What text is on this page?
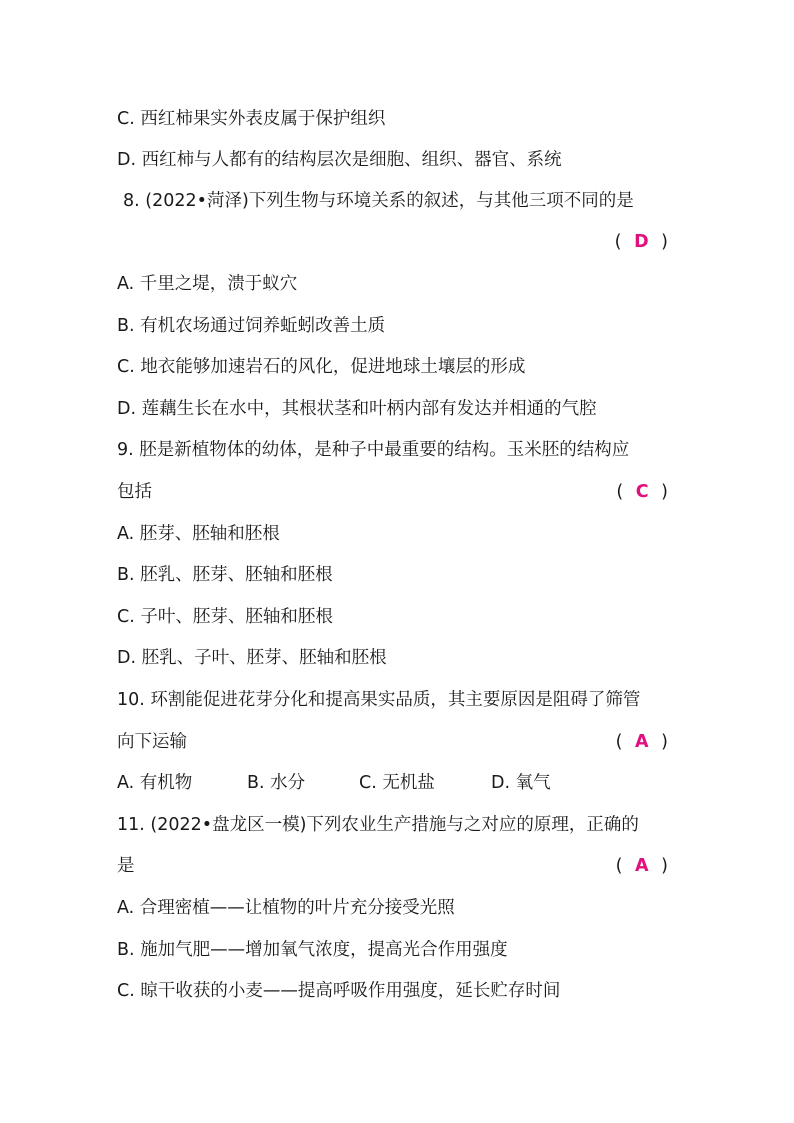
C. 西红柿果实外表皮属于保护组织
D. 西红柿与人都有的结构层次是细胞、组织、器官、系统
8. (2022•菏泽)下列生物与环境关系的叙述，与其他三项不同的是
( D )
A. 千里之堤，溃于蚁穴
B. 有机农场通过饲养蚯蚓改善土质
C. 地衣能够加速岩石的风化，促进地球土壤层的形成
D. 莲藕生长在水中，其根状茎和叶柄内部有发达并相通的气腔
9. 胚是新植物体的幼体，是种子中最重要的结构。玉米胚的结构应
包括	( C )
A. 胚芽、胚轴和胚根
B. 胚乳、胚芽、胚轴和胚根
C. 子叶、胚芽、胚轴和胚根
D. 胚乳、子叶、胚芽、胚轴和胚根
10. 环割能促进花芽分化和提高果实品质，其主要原因是阻碍了筛管
向下运输	( A )
A. 有机物	B. 水分	C. 无机盐	D. 氧气
11. (2022•盘龙区一模)下列农业生产措施与之对应的原理，正确的
是	( A )
A. 合理密植——让植物的叶片充分接受光照
B. 施加气肥——增加氧气浓度，提高光合作用强度
C. 晾干收获的小麦——提高呼吸作用强度，延长贮存时间
